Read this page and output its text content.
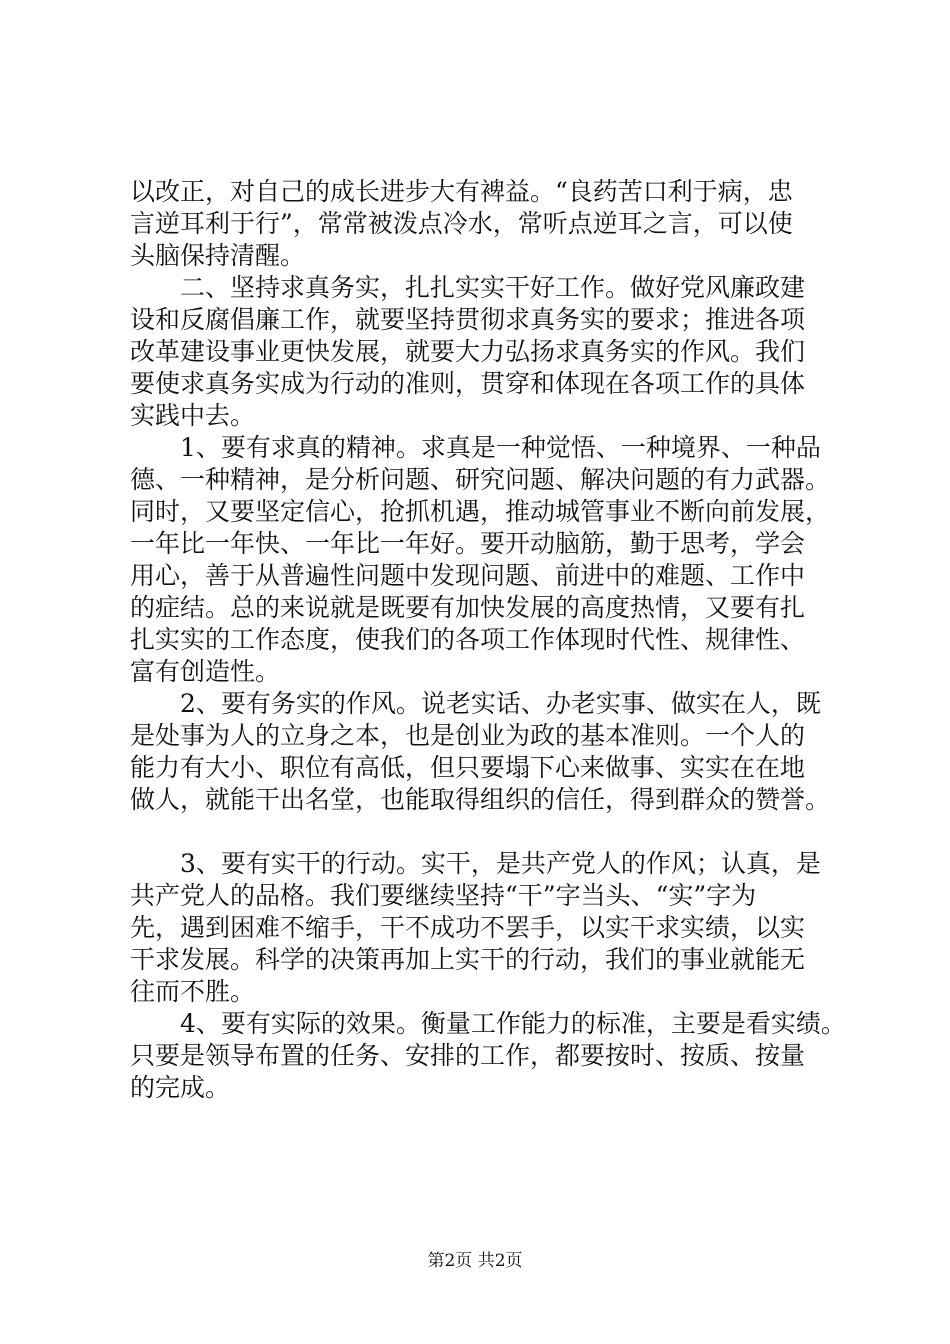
以改正，对自己的成长进步大有裨益。“良药苦口利于病，忠
言逆耳利于行”，常常被泼点冷水，常听点逆耳之言，可以使
头脑保持清醒。
　　二、坚持求真务实，扎扎实实干好工作。做好党风廉政建
设和反腐倡廉工作，就要坚持贯彻求真务实的要求；推进各项
改革建设事业更快发展，就要大力弘扬求真务实的作风。我们
要使求真务实成为行动的准则，贯穿和体现在各项工作的具体
实践中去。
　　1、要有求真的精神。求真是一种觉悟、一种境界、一种品
德、一种精神，是分析问题、研究问题、解决问题的有力武器。
同时，又要坚定信心，抢抓机遇，推动城管事业不断向前发展，
一年比一年快、一年比一年好。要开动脑筋，勤于思考，学会
用心，善于从普遍性问题中发现问题、前进中的难题、工作中
的症结。总的来说就是既要有加快发展的高度热情，又要有扎
扎实实的工作态度，使我们的各项工作体现时代性、规律性、
富有创造性。
　　2、要有务实的作风。说老实话、办老实事、做实在人，既
是处事为人的立身之本，也是创业为政的基本准则。一个人的
能力有大小、职位有高低，但只要塌下心来做事、实实在在地
做人，就能干出名堂，也能取得组织的信任，得到群众的赞誉。
　　3、要有实干的行动。实干，是共产党人的作风；认真，是
共产党人的品格。我们要继续坚持“干”字当头、“实”字为
先，遇到困难不缩手，干不成功不罢手，以实干求实绩，以实
干求发展。科学的决策再加上实干的行动，我们的事业就能无
往而不胜。
　　4、要有实际的效果。衡量工作能力的标准，主要是看实绩。
只要是领导布置的任务、安排的工作，都要按时、按质、按量
的完成。
第2页 共2页
